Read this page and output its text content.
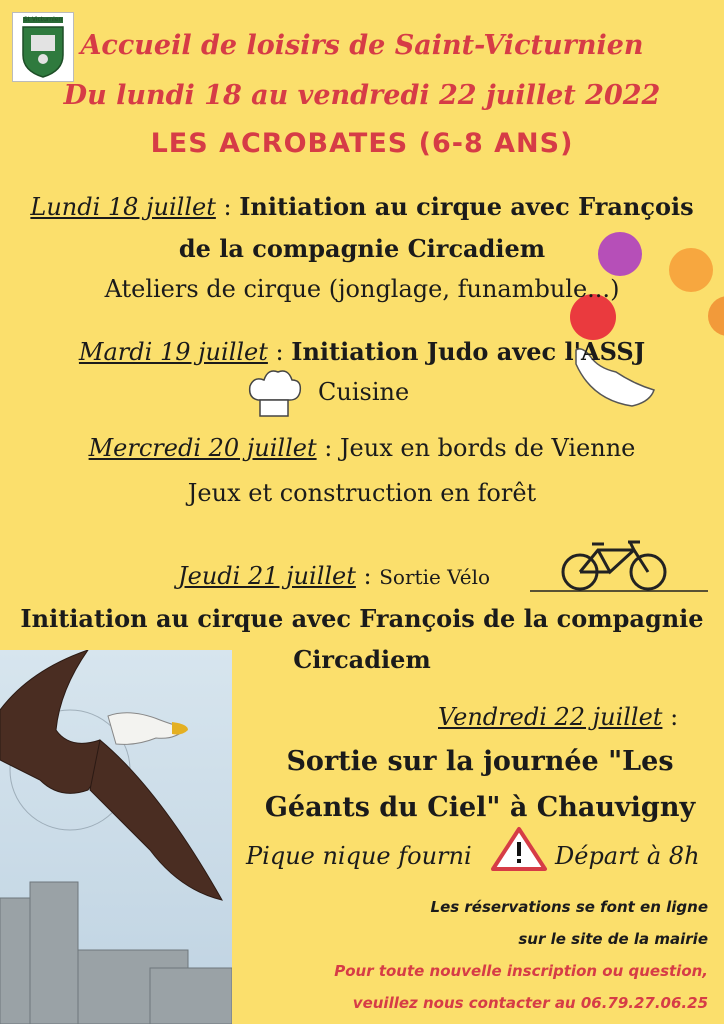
St Victurnien
Accueil de loisirs de Saint-Victurnien
Du lundi 18 au vendredi 22 juillet 2022
LES ACROBATES (6-8 ANS)
Lundi 18 juillet : Initiation au cirque avec François
de la compagnie Circadiem
Ateliers de cirque (jonglage, funambule...)
Mardi 19 juillet : Initiation Judo avec l'ASSJ
Cuisine
Mercredi 20 juillet : Jeux en bords de Vienne
Jeux et construction en forêt
Jeudi 21 juillet : Sortie Vélo
Initiation au cirque avec François de la compagnie
Circadiem
Vendredi 22 juillet :
Sortie sur la journée "Les
Géants du Ciel" à Chauvigny
Pique nique fourni	Départ à 8h
Les réservations se font en ligne
sur le site de la mairie
Pour toute nouvelle inscription ou question,
veuillez nous contacter au 06.79.27.06.25
